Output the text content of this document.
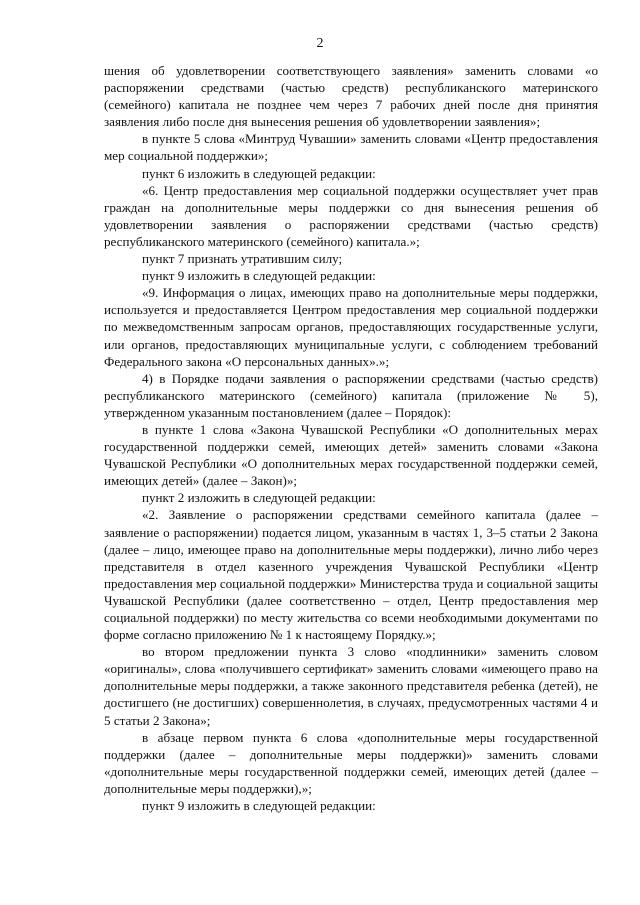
2

шения об удовлетворении соответствующего заявления» заменить словами «о распоряжении средствами (частью средств) республиканского материнского (семейного) капитала не позднее чем через 7 рабочих дней после дня принятия заявления либо после дня вынесения решения об удовлетворении заявления»;

в пункте 5 слова «Минтруд Чувашии» заменить словами «Центр предоставления мер социальной поддержки»;

пункт 6 изложить в следующей редакции:

«6. Центр предоставления мер социальной поддержки осуществляет учет прав граждан на дополнительные меры поддержки со дня вынесения решения об удовлетворении заявления о распоряжении средствами (частью средств) республиканского материнского (семейного) капитала.»;

пункт 7 признать утратившим силу;

пункт 9 изложить в следующей редакции:

«9. Информация о лицах, имеющих право на дополнительные меры поддержки, используется и предоставляется Центром предоставления мер социальной поддержки по межведомственным запросам органов, предоставляющих государственные услуги, или органов, предоставляющих муниципальные услуги, с соблюдением требований Федерального закона «О персональных данных».»;

4) в Порядке подачи заявления о распоряжении средствами (частью средств) республиканского материнского (семейного) капитала (приложение № 5), утвержденном указанным постановлением (далее – Порядок):

в пункте 1 слова «Закона Чувашской Республики «О дополнительных мерах государственной поддержки семей, имеющих детей» заменить словами «Закона Чувашской Республики «О дополнительных мерах государственной поддержки семей, имеющих детей» (далее – Закон)»;

пункт 2 изложить в следующей редакции:

«2. Заявление о распоряжении средствами семейного капитала (далее – заявление о распоряжении) подается лицом, указанным в частях 1, 3–5 статьи 2 Закона (далее – лицо, имеющее право на дополнительные меры поддержки), лично либо через представителя в отдел казенного учреждения Чувашской Республики «Центр предоставления мер социальной поддержки» Министерства труда и социальной защиты Чувашской Республики (далее соответственно – отдел, Центр предоставления мер социальной поддержки) по месту жительства со всеми необходимыми документами по форме согласно приложению № 1 к настоящему Порядку.»;

во втором предложении пункта 3 слово «подлинники» заменить словом «оригиналы», слова «получившего сертификат» заменить словами «имеющего право на дополнительные меры поддержки, а также законного представителя ребенка (детей), не достигшего (не достигших) совершеннолетия, в случаях, предусмотренных частями 4 и 5 статьи 2 Закона»;

в абзаце первом пункта 6 слова «дополнительные меры государственной поддержки (далее – дополнительные меры поддержки)» заменить словами «дополнительные меры государственной поддержки семей, имеющих детей (далее – дополнительные меры поддержки),»;

пункт 9 изложить в следующей редакции:
